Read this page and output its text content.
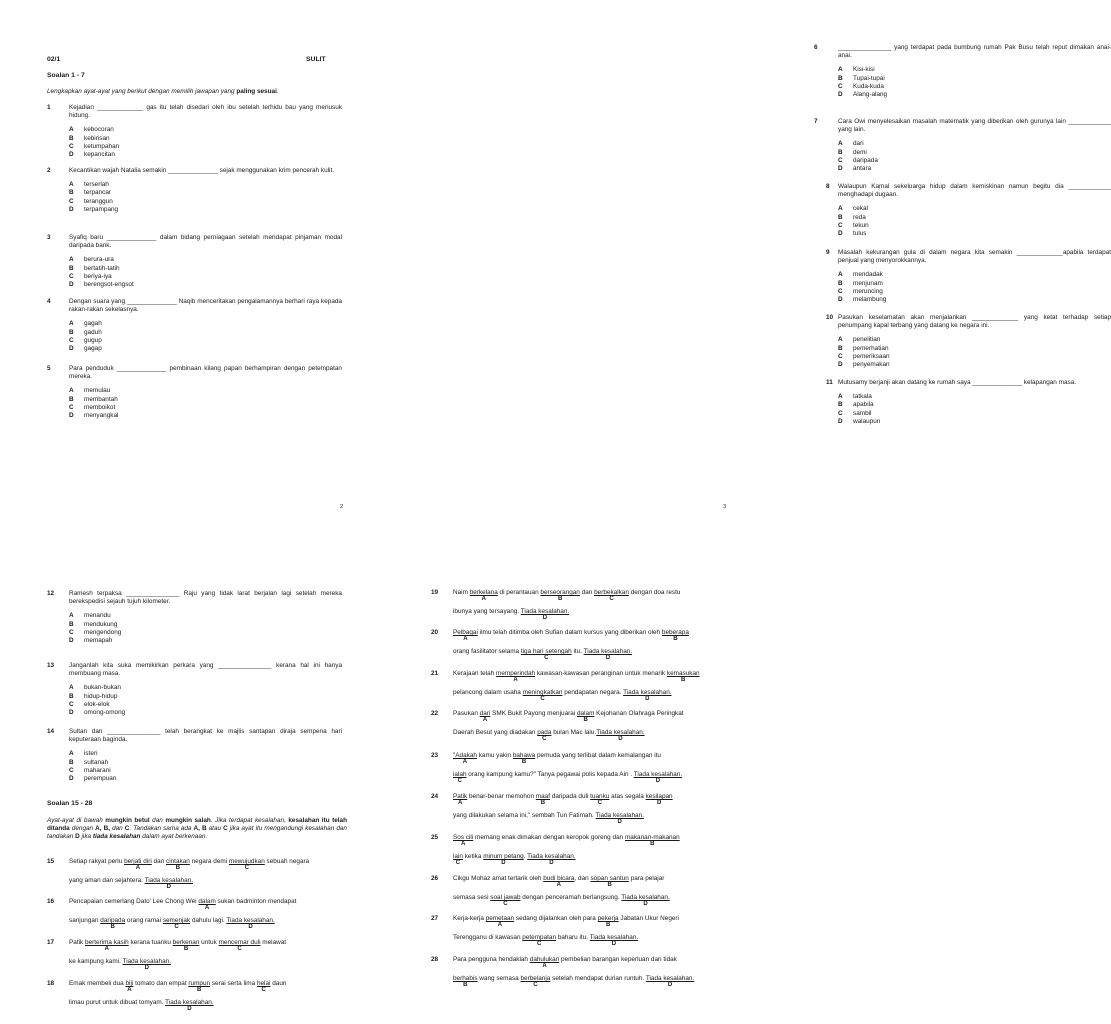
02/1	SULIT
Soalan 1 - 7
Lengkapkan ayat-ayat yang berikut dengan memilih jawapan yang paling sesuai.
1	Kejadian _____________ gas itu telah disedari oleh ibu setelah terhidu bau yang menusuk hidung.
A	kebocoran
B	kebirisan
C	ketumpahan
D	kepancitan
2	Kecantikan wajah Natalia semakin ______________ sejak menggunakan krim pencerah kulit.
A	terserlah
B	terpancar
C	teranggun
D	terpampang
3	Syafiq baru ______________ dalam bidang perniagaan setelah mendapat pinjaman modal daripada bank.
A	berura-ura
B	bertatih-tatih
C	beriya-iya
D	berengsot-engsot
4	Dengan suara yang ______________ Naqib menceritakan pengalamannya berhari raya kepada rakan-rakan sekelasnya.
A	gagah
B	gaduh
C	gugup
D	gagap
5	Para penduduk ______________ pembinaan kilang papan berhampiran dengan petempatan mereka.
A	memulau
B	membantah
C	memboikot
D	menyangkal
2
6	_______________ yang terdapat pada bumbung rumah Pak Busu telah reput dimakan anai-anai.
A	Kisi-kisi
B	Tupai-tupai
C	Kuda-kuda
D	Alang-alang
7	Cara Owi menyelesaikan masalah matematik yang diberikan oleh gurunya lain ____________ yang lain.
A	dari
B	demi
C	daripada
D	antara
8 Walaupun Kamal sekeluarga hidup dalam kemiskinan namun begitu dia ____________ menghadapi dugaan.
A	cekal
B	reda
C	tekun
D	tulus
9 Masalah kekurangan gula di dalam negara kita semakin _____________apabila terdapat penjual yang menyorokkannya.
A	mendadak
B	menjunam
C	meruncing
D	melambung
10 Pasukan keselamatan akan menjalankan _____________ yang ketat terhadap setiap penumpang kapal terbang yang datang ke negara ini.
A	penelitian
B	pemerhatian
C	pemeriksaan
D	penyemakan
11 Mutusamy berjanji akan datang ke rumah saya ______________ kelapangan masa.
A	tatkala
B	apabila
C	sambil
D	walaupun
3
12 Ramesh terpaksa _______________ Raju yang tidak larat berjalan lagi setelah mereka berekspedisi sejauh tujuh kilometer.
A	menandu
B	mendukung
C	mengendong
D	memapah
13 Janganlah kita suka memikirkan perkara yang _______________ kerana hal ini hanya membuang masa.
A	bukan-bukan
B	hidup-hidup
C	elok-elok
D	omong-omong
14 Sultan dan _______________ telah berangkat ke majlis santapan diraja sempena hari keputeraan baginda.
A	isteri
B	sultanah
C	maharani
D	perempuan
Soalan 15 - 28
Ayat-ayat di bawah mungkin betul dan mungkin salah. Jika terdapat kesalahan, kesalahan itu telah ditanda dengan A, B, dan C. Tandakan sama ada A, B atau C jika ayat itu mengandungi kesalahan dan tandakan D jika tiada kesalahan dalam ayat berkenaan.
15 Setiap rakyat perlu berjati diri
A
dan cintakan
B
negara demi mewujudkan
C
sebuah negara
yang aman dan sejahtera. Tiada kesalahan.
D
16 Pencapaian cemerlang Dato' Lee Chong Wei dalam
A
sukan badminton mendapat
sanjungan daripada
B
orang ramai semenjak
C
dahulu lagi. Tiada kesalahan.
D
17 Patik berterima kasih
A
kerana tuanku berkenan
B
untuk mencemar duli
C
melawat
ke kampung kami. Tiada kesalahan.
D
18 Emak membeli dua biji
A
tomato dan empat rumpun
B
serai serta lima helai
C
daun
limau purut untuk dibuat tomyam. Tiada kesalahan.
D
19 Naim berkelana
A
di perantauan berseorangan
B
dan berbekalkan
C
dengan doa restu
ibunya yang tersayang. Tiada kesalahan.
D
20 Pelbagai
A
ilmu telah ditimba oleh Sufian dalam kursus yang diberikan oleh beberapa
B
orang fasilitator selama tiga hari setengah
C
itu. Tiada kesalahan.
D
21 Kerajaan telah memperindah
A
kawasan-kawasan peranginan untuk menarik kemasukan
B
pelancong dalam usaha meningkatkan
C
pendapatan negara. Tiada kesalahan.
D
22 Pasukan dari
A
SMK Bukit Payong menjuarai dalam
B
Kejohanan Olahraga Peringkat
Daerah Besut yang diadakan pada
C
bulan Mac lalu.Tiada kesalahan.
D
23 "Adakah
A
kamu yakin bahawa
B
pemuda yang terlibat dalam kemalangan itu
ialah
C
orang kampung kamu?" Tanya pegawai polis kepada Ain . Tiada kesalahan.
D
24 Patik
A
benar-benar memohon maaf
B
daripada duli tuanku
C
atas segala kesilapan
D
yang dilakukan selama ini," sembah Tun Fatimah. Tiada kesalahan.
D
25 Sos cili
A
memang enak dimakan dengan keropok goreng dan makanan-makanan
B
lain
C
ketika minum petang
D
. Tiada kesalahan.
D
26 Cikgu Mohaz amat tertarik oleh budi bicara
A
, dan sopan santun
B
para pelajar
semasa sesi soal jawab
C
dengan penceramah berlangsung. Tiada kesalahan.
D
27 Kerja-kerja pemetaan
A
sedang dijalankan oleh para pekerja
B
Jabatan Ukur Negeri
Terengganu di kawasan petempatan
C
baharu itu. Tiada kesalahan.
D
28 Para pengguna hendaklah dahulukan
A
pembelian barangan keperluan dan tidak
berhabis
B
wang semasa berbelanja
C
setelah mendapat durian runtuh. Tiada kesalahan.
D
